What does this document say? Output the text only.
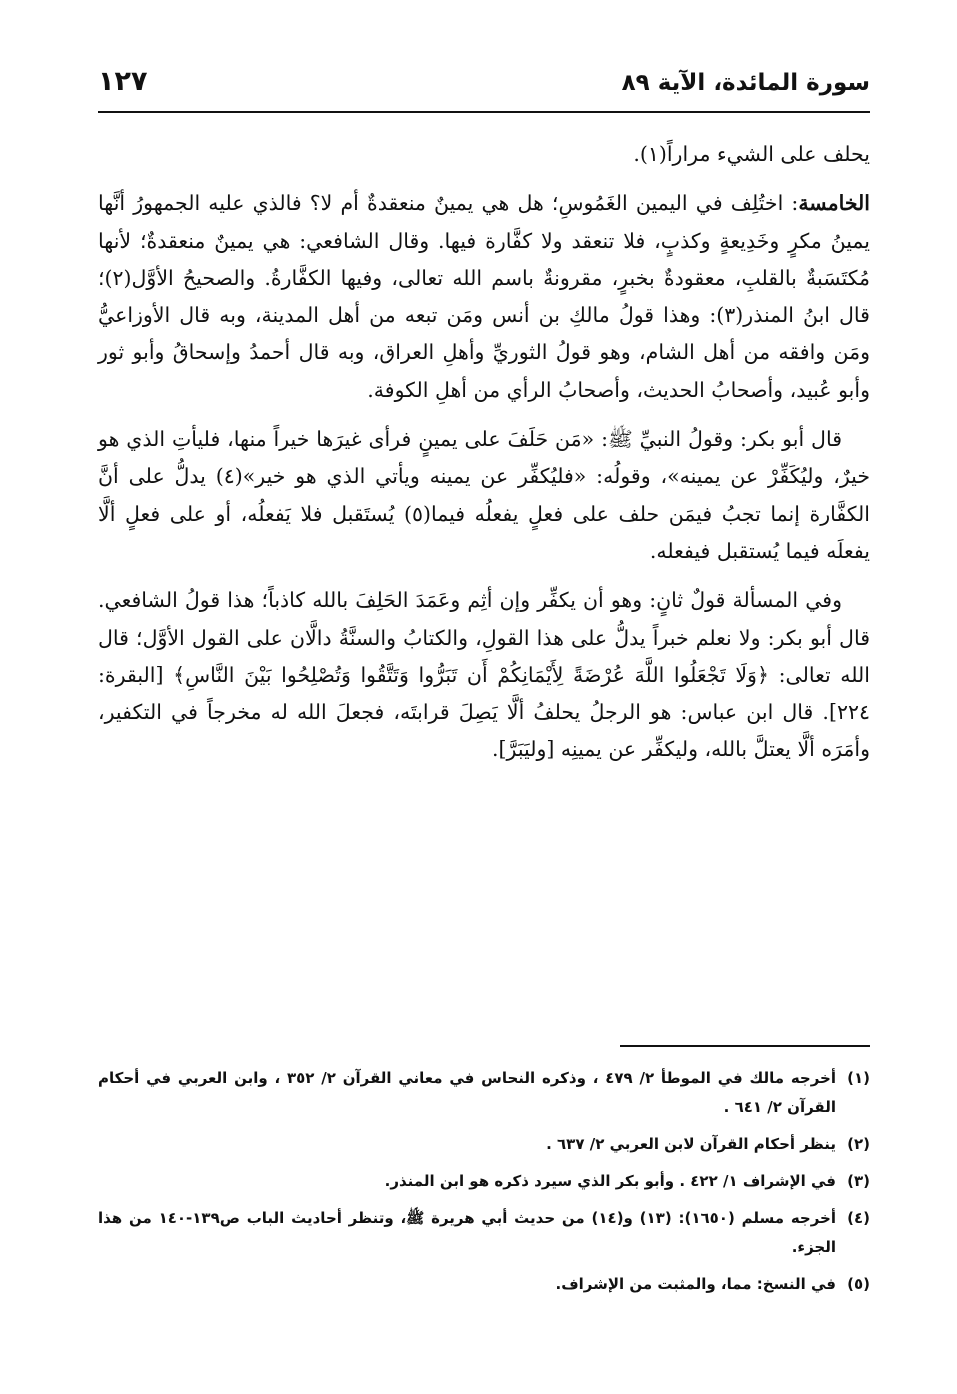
سورة المائدة، الآية ٨٩
١٢٧

يحلف على الشيء مراراً(١).

الخامسة: اختُلِف في اليمين الغَمُوسِ؛ هل هي يمينٌ منعقدةٌ أم لا؟ فالذي عليه الجمهورُ أنَّها يمينُ مكرٍ وخَدِيعةٍ وكذبٍ، فلا تنعقد ولا كفَّارة فيها. وقال الشافعي: هي يمينٌ منعقدةٌ؛ لأنها مُكتَسَبةٌ بالقلبِ، معقودةٌ بخبرٍ، مقرونةٌ باسم الله تعالى، وفيها الكفَّارةُ. والصحيحُ الأوَّل(٢)؛ قال ابنُ المنذر(٣): وهذا قولُ مالكِ بن أنس ومَن تبعه من أهل المدينة، وبه قال الأوزاعيُّ ومَن وافقه من أهل الشام، وهو قولُ الثوريِّ وأهلِ العراق، وبه قال أحمدُ وإسحاقُ وأبو ثور وأبو عُبيد، وأصحابُ الحديث، وأصحابُ الرأي من أهلِ الكوفة.

قال أبو بكر: وقولُ النبيِّ ﷺ: «مَن حَلَفَ على يمينٍ فرأى غيرَها خيراً منها، فليأتِ الذي هو خيرٌ، وليُكَفِّرْ عن يمينه»، وقولُه: «فليُكفِّر عن يمينه ويأتي الذي هو خير»(٤) يدلُّ على أنَّ الكفَّارة إنما تجبُ فيمَن حلف على فعلٍ يفعلُه فيما(٥) يُستَقبل فلا يَفعلُه، أو على فعلٍ ألَّا يفعلَه فيما يُستقبل فيفعله.

وفي المسألة قولٌ ثانٍ: وهو أن يكفِّر وإن أثِم وعَمَدَ الحَلِفَ بالله كاذباً؛ هذا قولُ الشافعي. قال أبو بكر: ولا نعلم خبراً يدلُّ على هذا القولِ، والكتابُ والسنَّةُ دالَّان على القول الأوَّل؛ قال الله تعالى: ﴿وَلَا تَجْعَلُوا اللَّهَ عُرْضَةً لِأَيْمَانِكُمْ أَن تَبَرُّوا وَتَتَّقُوا وَتُصْلِحُوا بَيْنَ النَّاسِ﴾ [البقرة: ٢٢٤]. قال ابن عباس: هو الرجلُ يحلفُ ألَّا يَصِلَ قرابتَه، فجعلَ الله له مخرجاً في التكفير، وأمَرَه ألَّا يعتلَّ بالله، وليكفِّر عن يمينِه [وليَبَرَّ].

(١)أخرجه مالك في الموطأ ٢/ ٤٧٩ ، وذكره النحاس في معاني القرآن ٢/ ٣٥٢ ، وابن العربي في أحكام القرآن ٢/ ٦٤١ .
(٢)ينظر أحكام القرآن لابن العربي ٢/ ٦٣٧ .
(٣)في الإشراف ١/ ٤٢٢ . وأبو بكر الذي سيرد ذكره هو ابن المنذر.
(٤)أخرجه مسلم (١٦٥٠): (١٣) و(١٤) من حديث أبي هريرة ﷺ، وتنظر أحاديث الباب ص١٣٩-١٤٠ من هذا الجزء.
(٥)في النسخ: مما، والمثبت من الإشراف.
